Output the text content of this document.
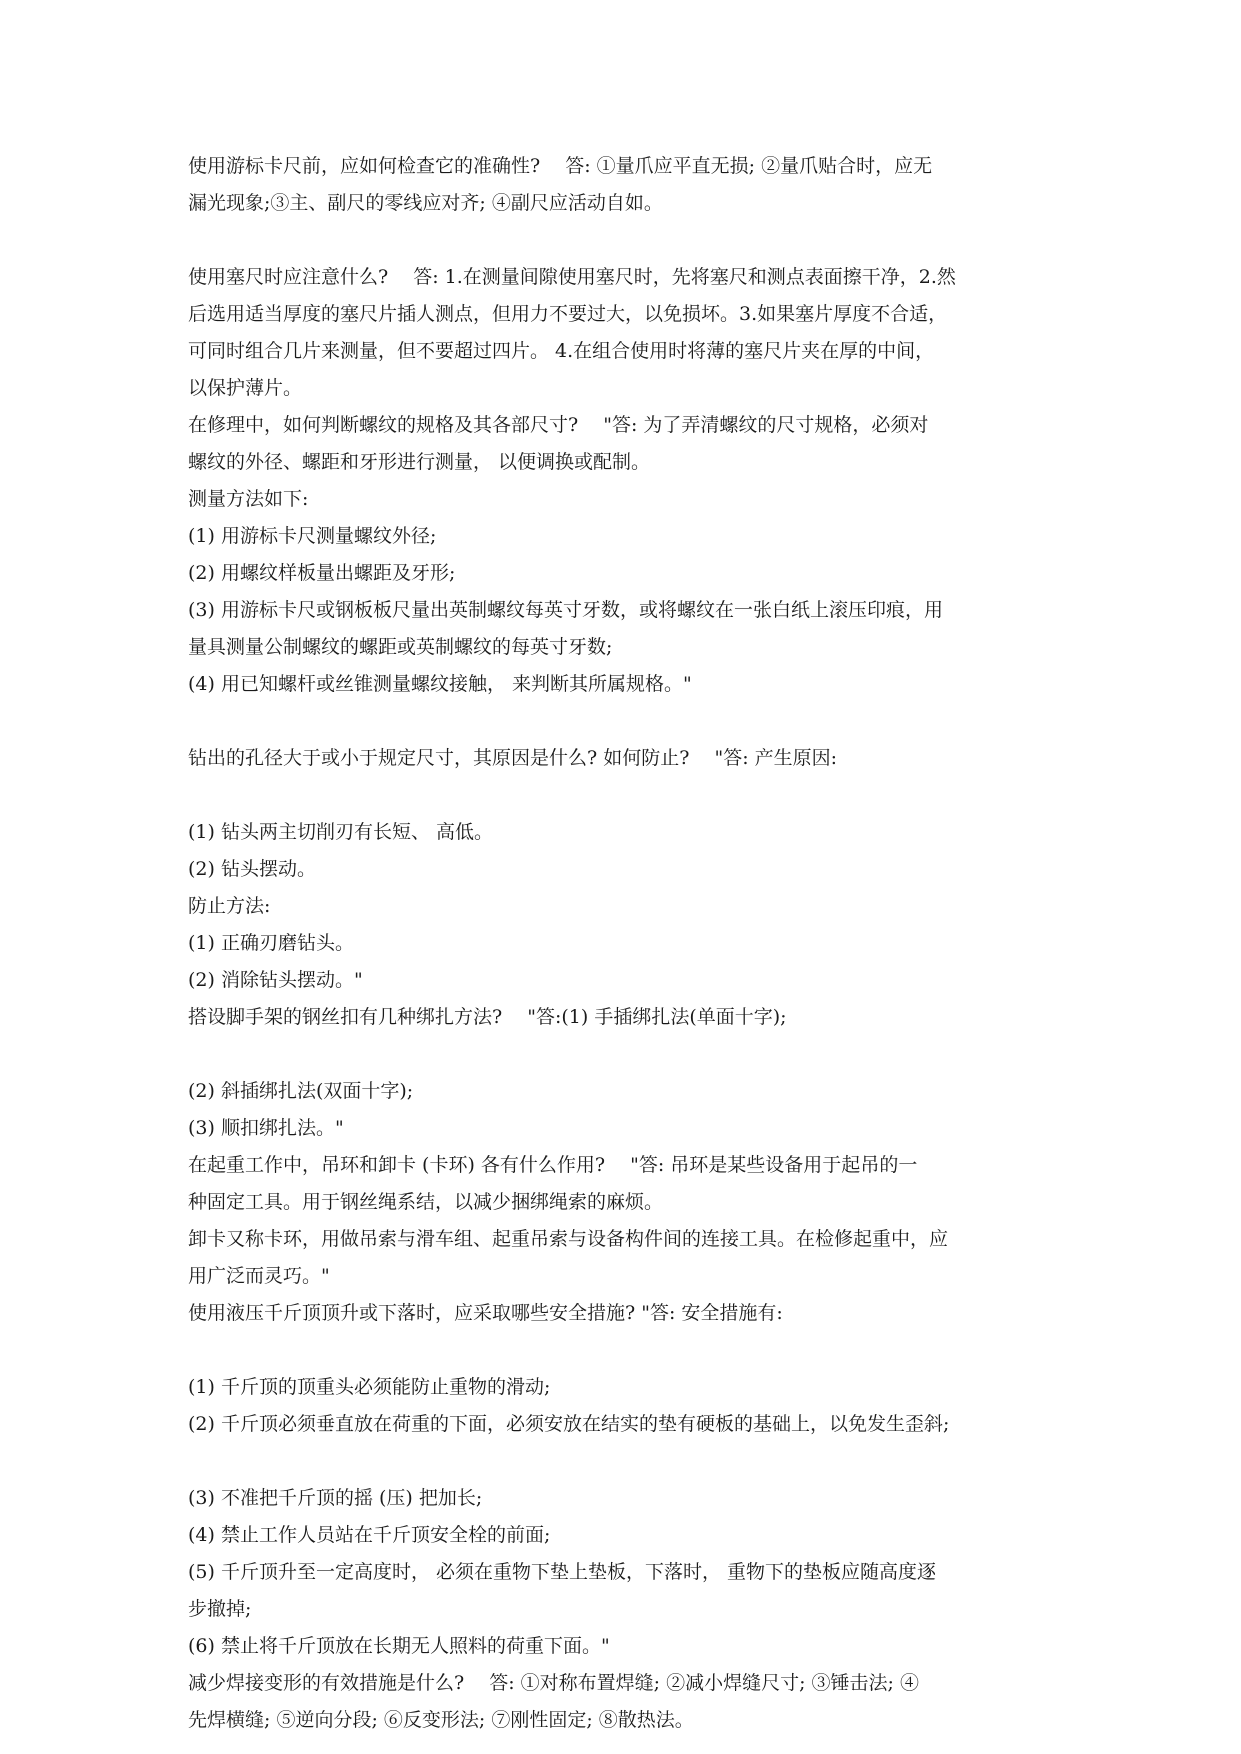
使用游标卡尺前，应如何检查它的准确性?　 答: ①量爪应平直无损; ②量爪贴合时，应无
漏光现象;③主、副尺的零线应对齐; ④副尺应活动自如。
使用塞尺时应注意什么?　 答: 1.在测量间隙使用塞尺时，先将塞尺和测点表面擦干净，2.然
后选用适当厚度的塞尺片插人测点，但用力不要过大，以免损坏。3.如果塞片厚度不合适，
可同时组合几片来测量，但不要超过四片。 4.在组合使用时将薄的塞尺片夹在厚的中间，
以保护薄片。
在修理中，如何判断螺纹的规格及其各部尺寸?　 "答: 为了弄清螺纹的尺寸规格，必须对
螺纹的外径、螺距和牙形进行测量， 以便调换或配制。
测量方法如下:
(1) 用游标卡尺测量螺纹外径;
(2) 用螺纹样板量出螺距及牙形;
(3) 用游标卡尺或钢板板尺量出英制螺纹每英寸牙数，或将螺纹在一张白纸上滚压印痕，用
量具测量公制螺纹的螺距或英制螺纹的每英寸牙数;
(4) 用已知螺杆或丝锥测量螺纹接触， 来判断其所属规格。"
钻出的孔径大于或小于规定尺寸，其原因是什么? 如何防止?　 "答: 产生原因:
(1) 钻头两主切削刃有长短、 高低。
(2) 钻头摆动。
防止方法:
(1) 正确刃磨钻头。
(2) 消除钻头摆动。"
搭设脚手架的钢丝扣有几种绑扎方法?　 "答:(1) 手插绑扎法(单面十字);
(2) 斜插绑扎法(双面十字);
(3) 顺扣绑扎法。"
在起重工作中，吊环和卸卡 (卡环) 各有什么作用?　 "答: 吊环是某些设备用于起吊的一
种固定工具。用于钢丝绳系结，以减少捆绑绳索的麻烦。
卸卡又称卡环，用做吊索与滑车组、起重吊索与设备构件间的连接工具。在检修起重中，应
用广泛而灵巧。"
使用液压千斤顶顶升或下落时，应采取哪些安全措施? "答: 安全措施有:
(1) 千斤顶的顶重头必须能防止重物的滑动;
(2) 千斤顶必须垂直放在荷重的下面，必须安放在结实的垫有硬板的基础上，以免发生歪斜;
(3) 不准把千斤顶的摇 (压) 把加长;
(4) 禁止工作人员站在千斤顶安全栓的前面;
(5) 千斤顶升至一定高度时， 必须在重物下垫上垫板，下落时， 重物下的垫板应随高度逐
步撤掉;
(6) 禁止将千斤顶放在长期无人照料的荷重下面。"
减少焊接变形的有效措施是什么?　 答: ①对称布置焊缝; ②减小焊缝尺寸; ③锤击法; ④
先焊横缝; ⑤逆向分段; ⑥反变形法; ⑦刚性固定; ⑧散热法。
